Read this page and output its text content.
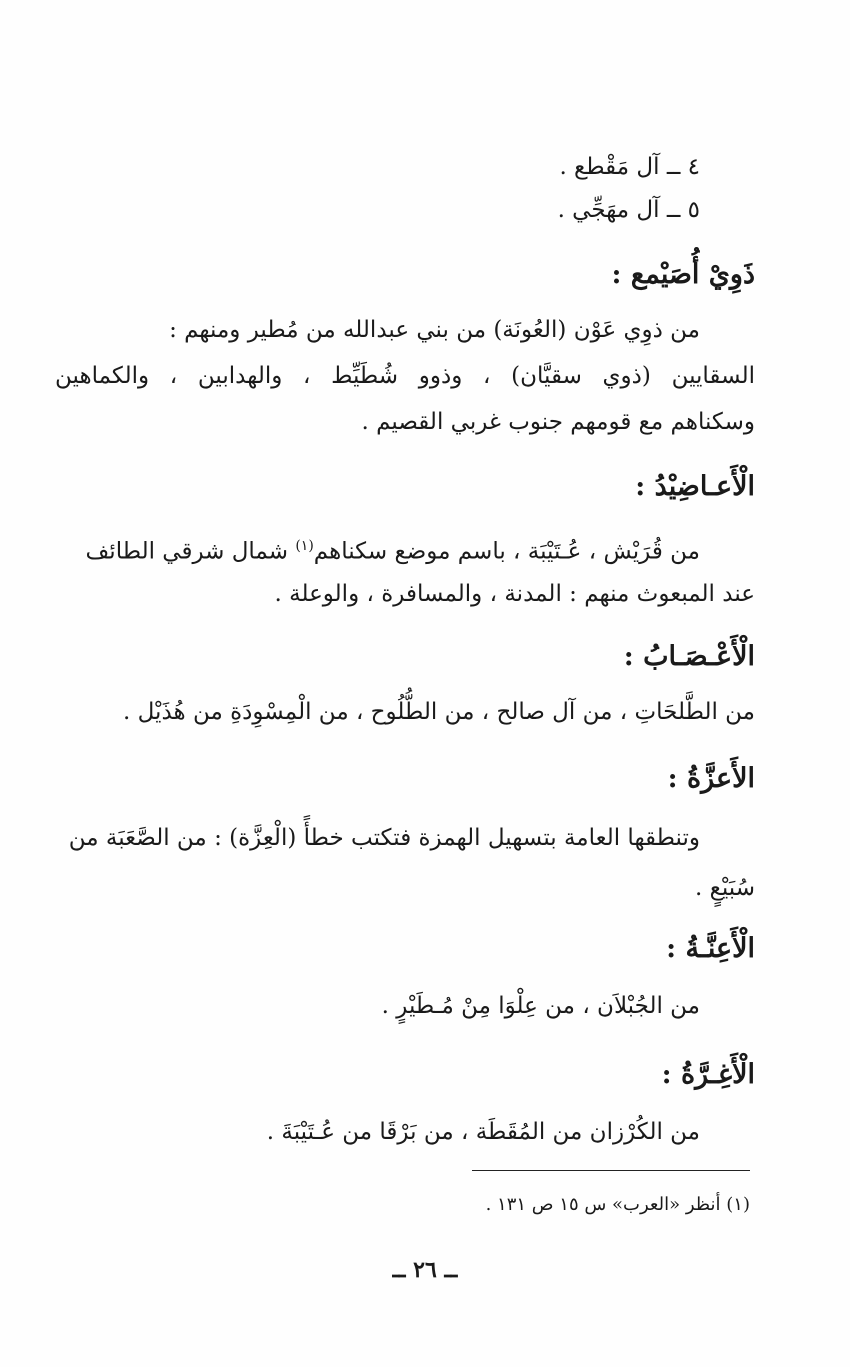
٤ ــ آل مَقْطع .
٥ ــ آل مهَجِّي .
ذَوِيْ أُصَيْمع :
من ذوِي عَوْن (العُونَة) من بني عبدالله من مُطير ومنهم :
السقايين (ذوي سقيَّان) ، وذوو شُطَيِّط ، والهدابين ، والكماهين
وسكناهم مع قومهم جنوب غربي القصيم .
الْأَعـاضِيْدُ :
من قُرَيْش ، عُـتَيْبَة ، باسم موضع سكناهم$^{(١)}$ شمال شرقي الطائف
عند المبعوث منهم : المدنة ، والمسافرة ، والوعلة .
الْأَعْـصَـابُ :
من الطَّلحَاتِ ، من آل صالح ، من الطُّلُوح ، من الْمِسْوِدَةِ من هُذَيْل .
الأَعزَّةُ :
وتنطقها العامة بتسهيل الهمزة فتكتب خطأً (الْعِزَّة) : من الصَّعَبَة من
سُبَيْعٍ .
الْأَعِنَّـةُ :
من الجُبْلاَن ، من عِلْوَا مِنْ مُـطَيْرٍ .
الْأَغِـرَّةُ :
من الكُرْزان من المُقَطَة ، من بَرْقَا من عُـتَيْبَةَ .
(١) أنظر «العرب» س ١٥ ص ١٣١ .
ــ ٢٦ ــ
